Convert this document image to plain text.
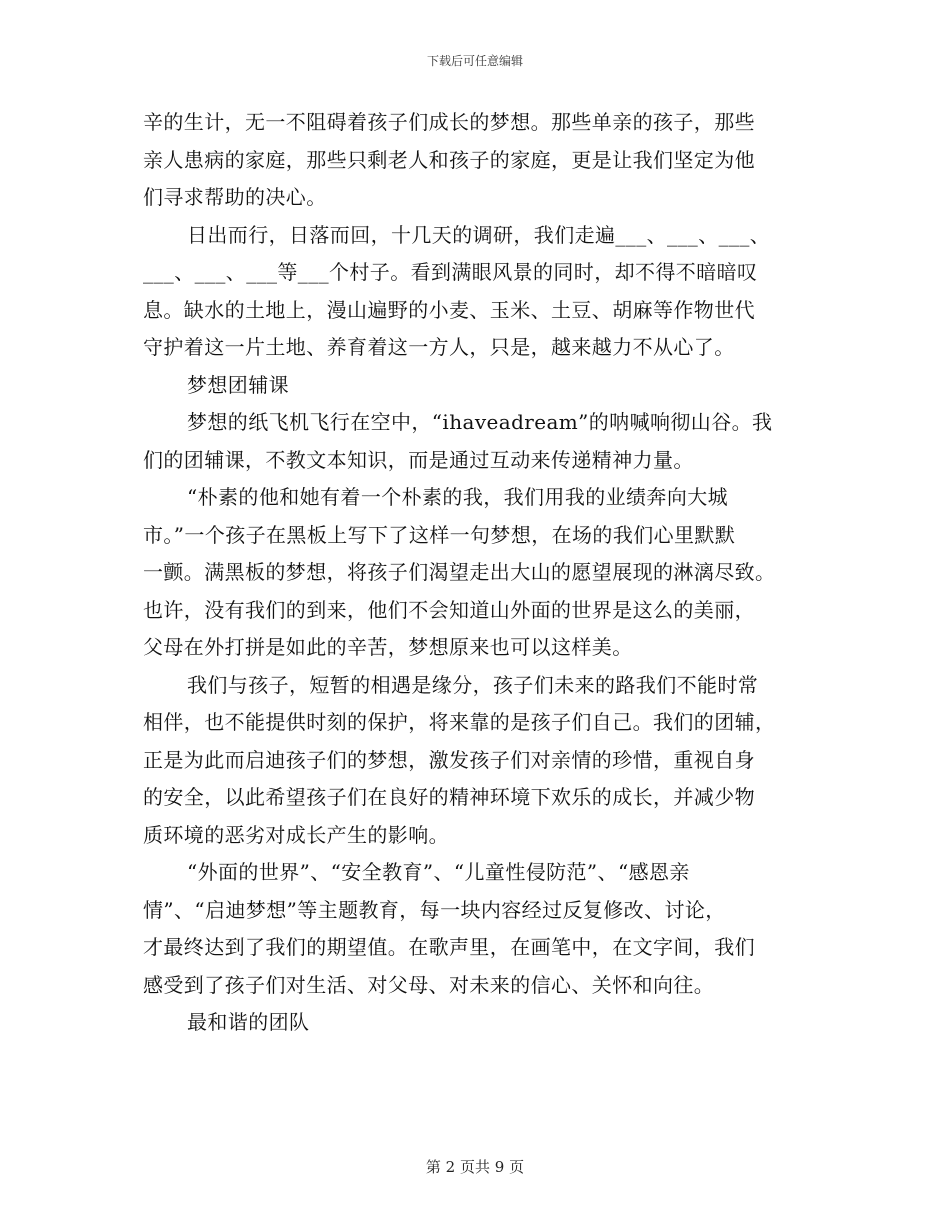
下载后可任意编辑

辛的生计，无一不阻碍着孩子们成长的梦想。那些单亲的孩子，那些
亲人患病的家庭，那些只剩老人和孩子的家庭，更是让我们坚定为他
们寻求帮助的决心。

日出而行，日落而回，十几天的调研，我们走遍___、___、___、
___、___、___等___个村子。看到满眼风景的同时，却不得不暗暗叹
息。缺水的土地上，漫山遍野的小麦、玉米、土豆、胡麻等作物世代
守护着这一片土地、养育着这一方人，只是，越来越力不从心了。

梦想团辅课

梦想的纸飞机飞行在空中，“ihaveadream”的呐喊响彻山谷。我
们的团辅课，不教文本知识，而是通过互动来传递精神力量。

“朴素的他和她有着一个朴素的我，我们用我的业绩奔向大城
市。”一个孩子在黑板上写下了这样一句梦想，在场的我们心里默默
一颤。满黑板的梦想，将孩子们渴望走出大山的愿望展现的淋漓尽致。
也许，没有我们的到来，他们不会知道山外面的世界是这么的美丽，
父母在外打拼是如此的辛苦，梦想原来也可以这样美。

我们与孩子，短暂的相遇是缘分，孩子们未来的路我们不能时常
相伴，也不能提供时刻的保护，将来靠的是孩子们自己。我们的团辅，
正是为此而启迪孩子们的梦想，激发孩子们对亲情的珍惜，重视自身
的安全，以此希望孩子们在良好的精神环境下欢乐的成长，并减少物
质环境的恶劣对成长产生的影响。

“外面的世界”、“安全教育”、“儿童性侵防范”、“感恩亲
情”、“启迪梦想”等主题教育，每一块内容经过反复修改、讨论，
才最终达到了我们的期望值。在歌声里，在画笔中，在文字间，我们
感受到了孩子们对生活、对父母、对未来的信心、关怀和向往。

最和谐的团队

第 2 页共 9 页
